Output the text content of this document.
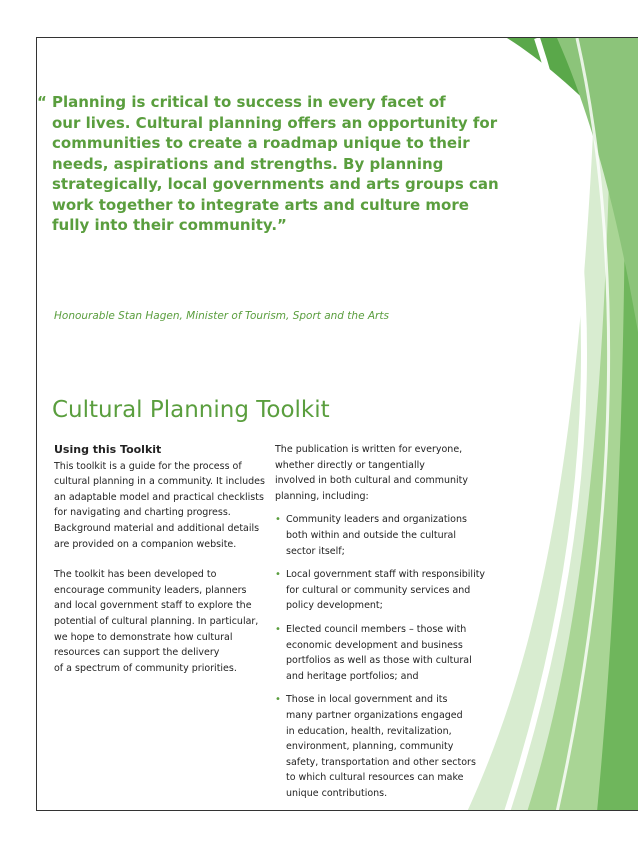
“ Planning is critical to success in every facet of
our lives. Cultural planning offers an opportunity for
communities to create a roadmap unique to their
needs, aspirations and strengths. By planning
strategically, local governments and arts groups can
work together to integrate arts and culture more
fully into their community.”
Honourable Stan Hagen, Minister of Tourism, Sport and the Arts
Cultural Planning Toolkit
Using this Toolkit
This toolkit is a guide for the process of
cultural planning in a community. It includes
an adaptable model and practical checklists
for navigating and charting progress.
Background material and additional details
are provided on a companion website.
The toolkit has been developed to
encourage community leaders, planners
and local government staff to explore the
potential of cultural planning. In particular,
we hope to demonstrate how cultural
resources can support the delivery
of a spectrum of community priorities.
The publication is written for everyone,
whether directly or tangentially
involved in both cultural and community
planning, including:
• Community leaders and organizations
both within and outside the cultural
sector itself;
• Local government staff with responsibility
for cultural or community services and
policy development;
• Elected council members – those with
economic development and business
portfolios as well as those with cultural
and heritage portfolios; and
• Those in local government and its
many partner organizations engaged
in education, health, revitalization,
environment, planning, community
safety, transportation and other sectors
to which cultural resources can make
unique contributions.
